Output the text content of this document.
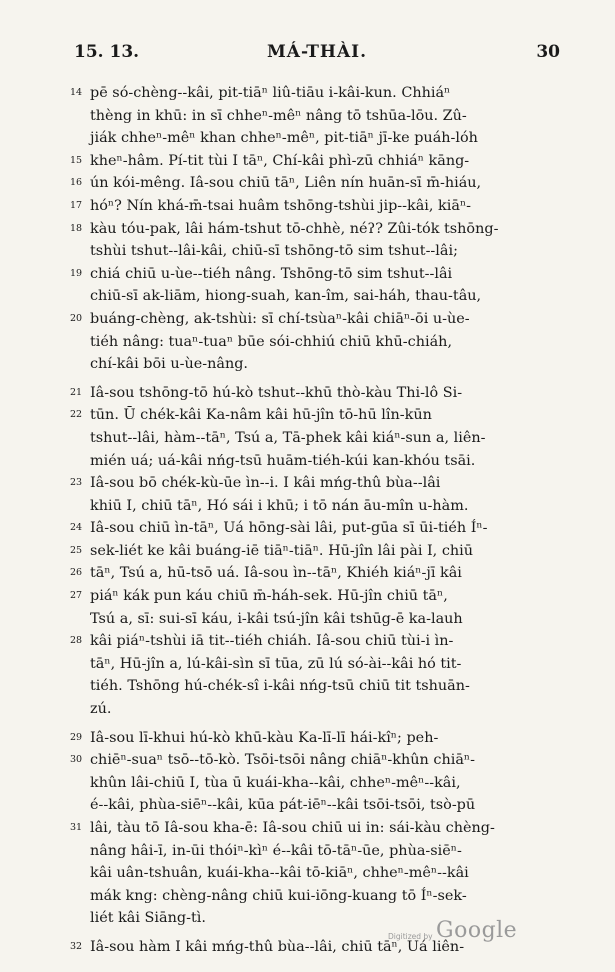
15. 13.	MÁ-THÀI.	30
14 pē só-chèng--kâi, pit-tiāⁿ liû-tiāu i-kâi-kun. Chhiáⁿ
thèng in khū: in sī chheⁿ-mêⁿ nâng tō tshūa-lōu. Zû-
jiák chheⁿ-mêⁿ khan chheⁿ-mêⁿ, pit-tiāⁿ jī-ke puáh-lóh
15 kheⁿ-hâm. Pí-tit tùi I tāⁿ, Chí-kâi phì-zū chhiáⁿ kāng-
16 ún kói-mêng. Iâ-sou chiū tāⁿ, Liên nín huān-sī m̄-hiáu,
17 hóⁿ? Nín khá-m̄-tsai huâm tshōng-tshùi jip--kâi, kiāⁿ-
18 kàu tóu-pak, lâi hám-tshut tō-chhè, néʔ? Zûi-tók tshōng-
tshùi tshut--lâi-kâi, chiū-sī tshōng-tō sim tshut--lâi;
19 chiá chiū u-ùe--tiéh nâng. Tshōng-tō sim tshut--lâi
chiū-sī ak-liām, hiong-suah, kan-îm, sai-háh, thau-tâu,
20 buáng-chèng, ak-tshùi: sī chí-tsùaⁿ-kâi chiāⁿ-ōi u-ùe-
tiéh nâng: tuaⁿ-tuaⁿ būe sói-chhiú chiū khū-chiáh,
chí-kâi bōi u-ùe-nâng.
21 Iâ-sou tshōng-tō hú-kò tshut--khū thò-kàu Thi-lô Si-
22 tūn. Ū chék-kâi Ka-nâm kâi hū-jîn tō-hū lîn-kūn
tshut--lâi, hàm--tāⁿ, Tsú a, Tā-phek kâi kiáⁿ-sun a, liên-
mién uá; uá-kâi nńg-tsū huām-tiéh-kúi kan-khóu tsāi.
23 Iâ-sou bō chék-kù-ūe ìn--i. I kâi mńg-thû bùa--lâi
khiū I, chiū tāⁿ, Hó sái i khū; i tō nán āu-mîn u-hàm.
24 Iâ-sou chiū ìn-tāⁿ, Uá hōng-sài lâi, put-gūa sī ūi-tiéh Íⁿ-
25 sek-liét ke kâi buáng-iē tiāⁿ-tiāⁿ. Hū-jîn lâi pài I, chiū
26 tāⁿ, Tsú a, hū-tsō uá. Iâ-sou ìn--tāⁿ, Khiéh kiáⁿ-jī kâi
27 piáⁿ kák pun káu chiū m̄-háh-sek. Hū-jîn chiū tāⁿ,
Tsú a, sī: sui-sī káu, i-kâi tsú-jîn kâi tshūg-ē ka-lauh
28 kâi piáⁿ-tshùi iā tit--tiéh chiáh. Iâ-sou chiū tùi-i ìn-
tāⁿ, Hū-jîn a, lú-kâi-sìn sī tūa, zū lú só-ài--kâi hó tit-
tiéh. Tshōng hú-chék-sî i-kâi nńg-tsū chiū tit tshuān-
zú.
29 Iâ-sou lī-khui hú-kò khū-kàu Ka-lī-lī hái-kîⁿ; peh-
30 chiēⁿ-suaⁿ tsō--tō-kò. Tsōi-tsōi nâng chiāⁿ-khûn chiāⁿ-
khûn lâi-chiū I, tùa ū kuái-kha--kâi, chheⁿ-mêⁿ--kâi,
é--kâi, phùa-siēⁿ--kâi, kūa pát-iēⁿ--kâi tsōi-tsōi, tsò-pū
31 lâi, tàu tō Iâ-sou kha-ē: Iâ-sou chiū ui in: sái-kàu chèng-
nâng hâi-ī, in-ūi thóiⁿ-kìⁿ é--kâi tō-tāⁿ-ūe, phùa-siēⁿ-
kâi uân-tshuân, kuái-kha--kâi tō-kiāⁿ, chheⁿ-mêⁿ--kâi
mák kng: chèng-nâng chiū kui-iōng-kuang tō Íⁿ-sek-
liét kâi Siāng-tì.
32 Iâ-sou hàm I kâi mńg-thû bùa--lâi, chiū tāⁿ, Uá liên-
Digitized by Google
